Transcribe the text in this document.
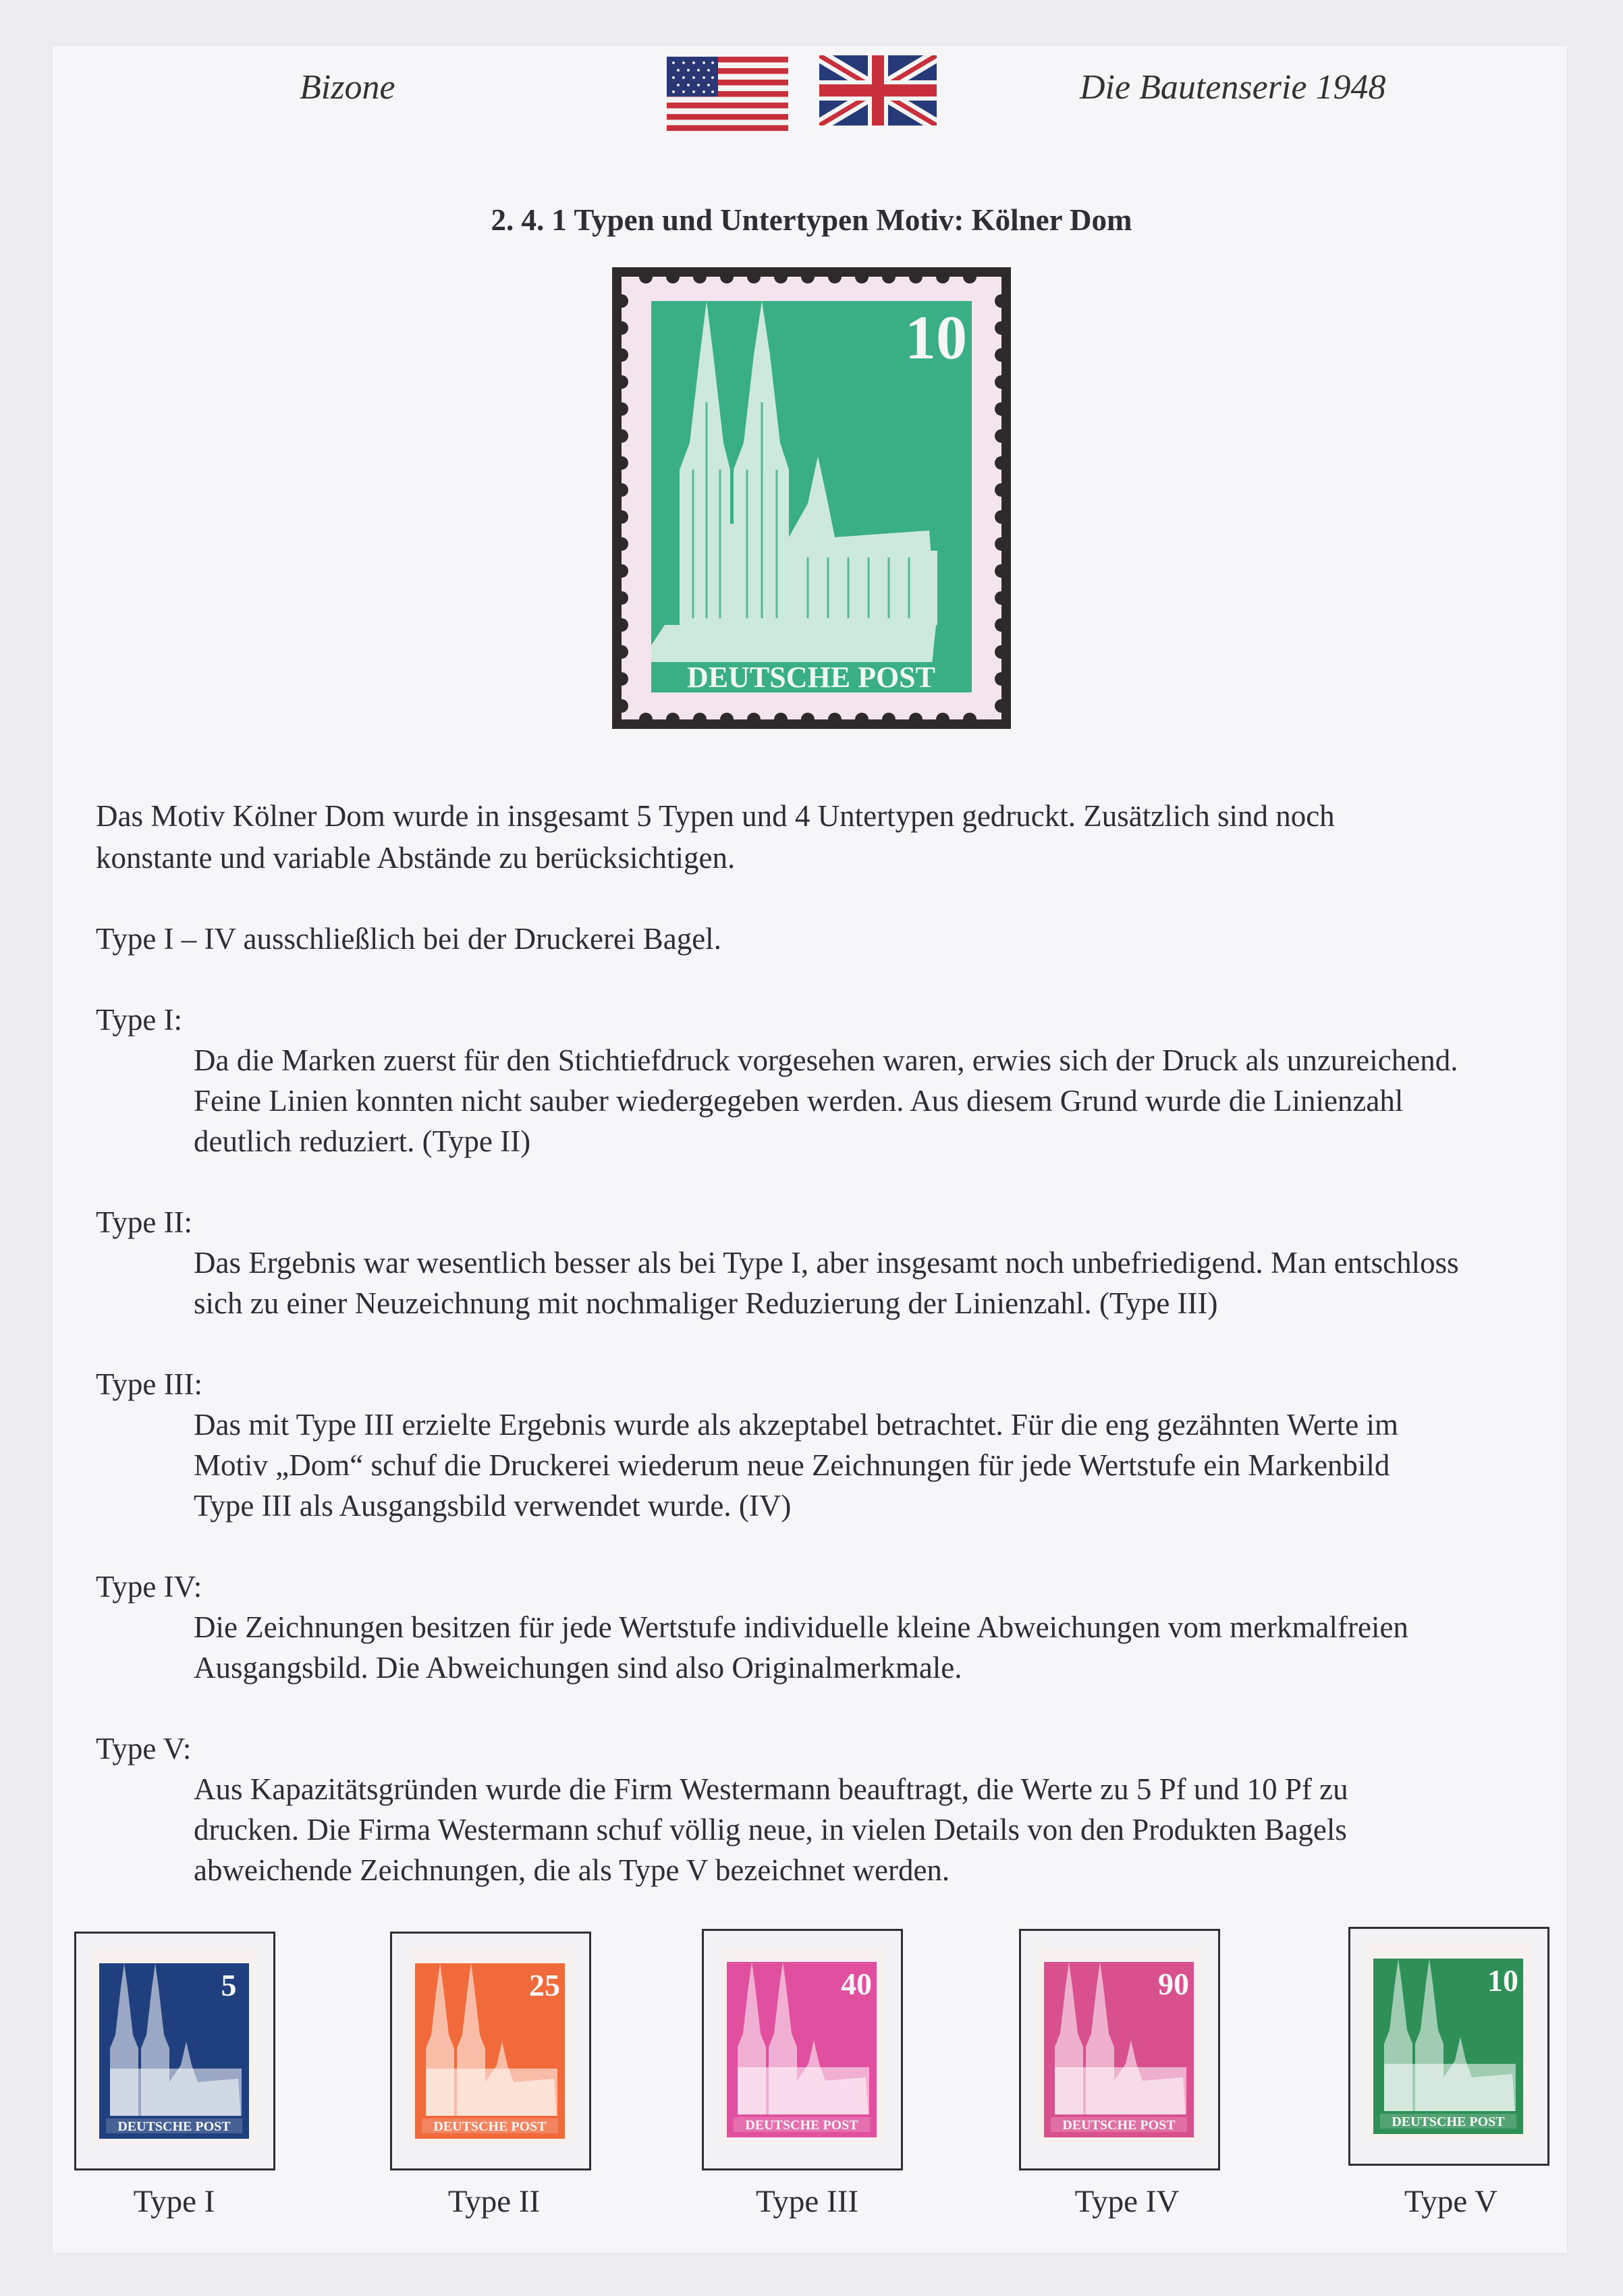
Bizone	Die Bautenserie 1948
2. 4. 1 Typen und Untertypen Motiv: Kölner Dom
10
DEUTSCHE POST
Das Motiv Kölner Dom wurde in insgesamt 5 Typen und 4 Untertypen gedruckt. Zusätzlich sind noch
konstante und variable Abstände zu berücksichtigen.
Type I – IV ausschließlich bei der Druckerei Bagel.
Type I:
Da die Marken zuerst für den Stichtiefdruck vorgesehen waren, erwies sich der Druck als unzureichend.
Feine Linien konnten nicht sauber wiedergegeben werden. Aus diesem Grund wurde die Linienzahl
deutlich reduziert. (Type II)
Type II:
Das Ergebnis war wesentlich besser als bei Type I, aber insgesamt noch unbefriedigend. Man entschloss
sich zu einer Neuzeichnung mit nochmaliger Reduzierung der Linienzahl. (Type III)
Type III:
Das mit Type III erzielte Ergebnis wurde als akzeptabel betrachtet. Für die eng gezähnten Werte im
Motiv „Dom“ schuf die Druckerei wiederum neue Zeichnungen für jede Wertstufe ein Markenbild
Type III als Ausgangsbild verwendet wurde. (IV)
Type IV:
Die Zeichnungen besitzen für jede Wertstufe individuelle kleine Abweichungen vom merkmalfreien
Ausgangsbild. Die Abweichungen sind also Originalmerkmale.
Type V:
Aus Kapazitätsgründen wurde die Firm Westermann beauftragt, die Werte zu 5 Pf und 10 Pf zu
drucken. Die Firma Westermann schuf völlig neue, in vielen Details von den Produkten Bagels
abweichende Zeichnungen, die als Type V bezeichnet werden.
5
DEUTSCHE POST
Type I
25
DEUTSCHE POST
Type II
40
DEUTSCHE POST
Type III
90
DEUTSCHE POST
Type IV
10
DEUTSCHE POST
Type V
